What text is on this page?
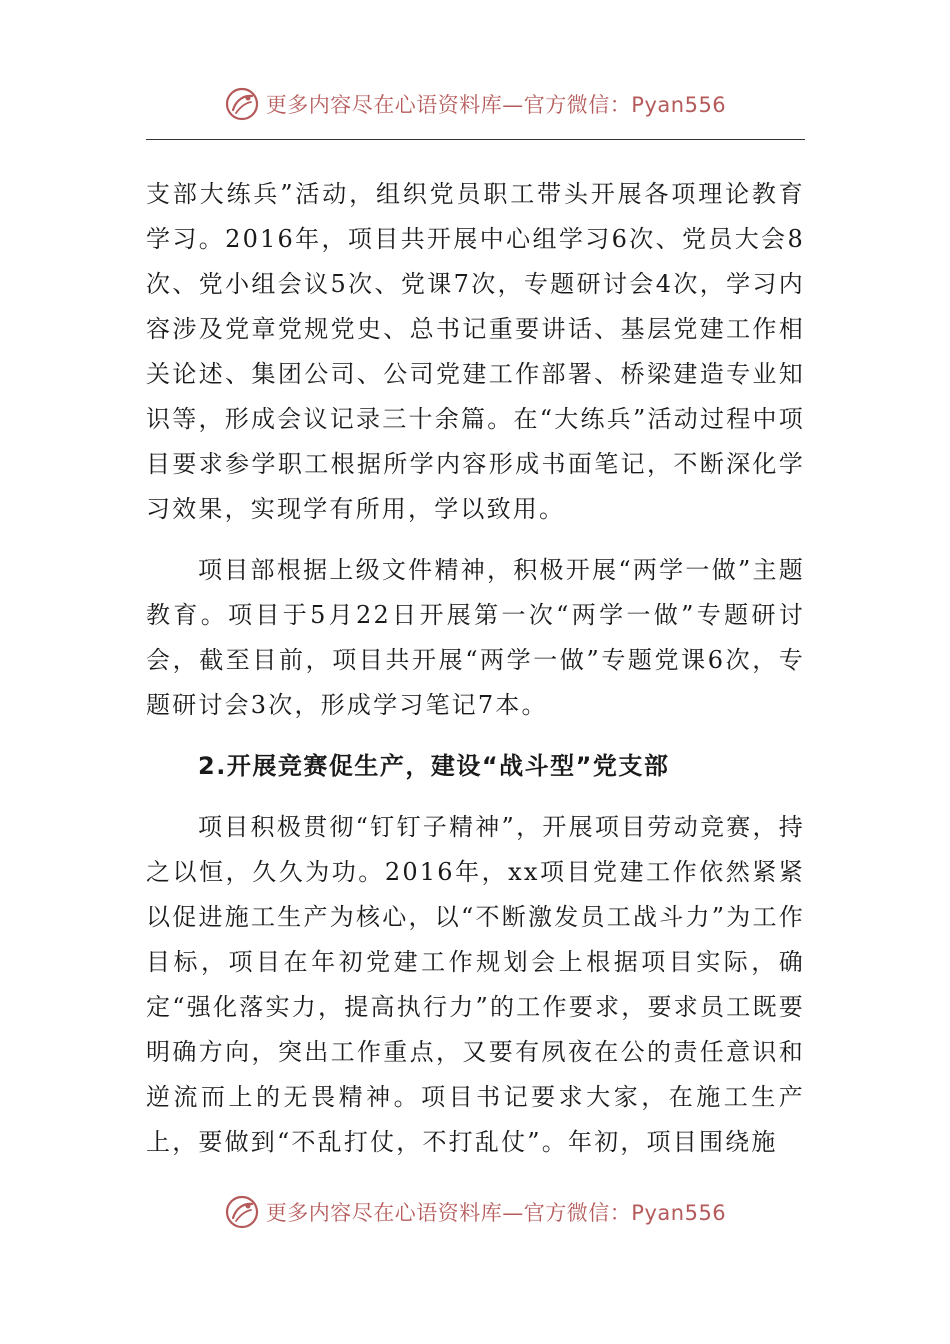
更多内容尽在心语资料库—官方微信：Pyan556

支部大练兵”活动，组织党员职工带头开展各项理论教育学习。2016年，项目共开展中心组学习6次、党员大会8次、党小组会议5次、党课7次，专题研讨会4次，学习内容涉及党章党规党史、总书记重要讲话、基层党建工作相关论述、集团公司、公司党建工作部署、桥梁建造专业知识等，形成会议记录三十余篇。在“大练兵”活动过程中项目要求参学职工根据所学内容形成书面笔记，不断深化学习效果，实现学有所用，学以致用。

项目部根据上级文件精神，积极开展“两学一做”主题教育。项目于5月22日开展第一次“两学一做”专题研讨会，截至目前，项目共开展“两学一做”专题党课6次，专题研讨会3次，形成学习笔记7本。

2.开展竞赛促生产，建设“战斗型”党支部

项目积极贯彻“钉钉子精神”，开展项目劳动竞赛，持之以恒，久久为功。2016年，xx项目党建工作依然紧紧以促进施工生产为核心，以“不断激发员工战斗力”为工作目标，项目在年初党建工作规划会上根据项目实际，确定“强化落实力，提高执行力”的工作要求，要求员工既要明确方向，突出工作重点，又要有夙夜在公的责任意识和逆流而上的无畏精神。项目书记要求大家，在施工生产上，要做到“不乱打仗，不打乱仗”。年初，项目围绕施

更多内容尽在心语资料库—官方微信：Pyan556
